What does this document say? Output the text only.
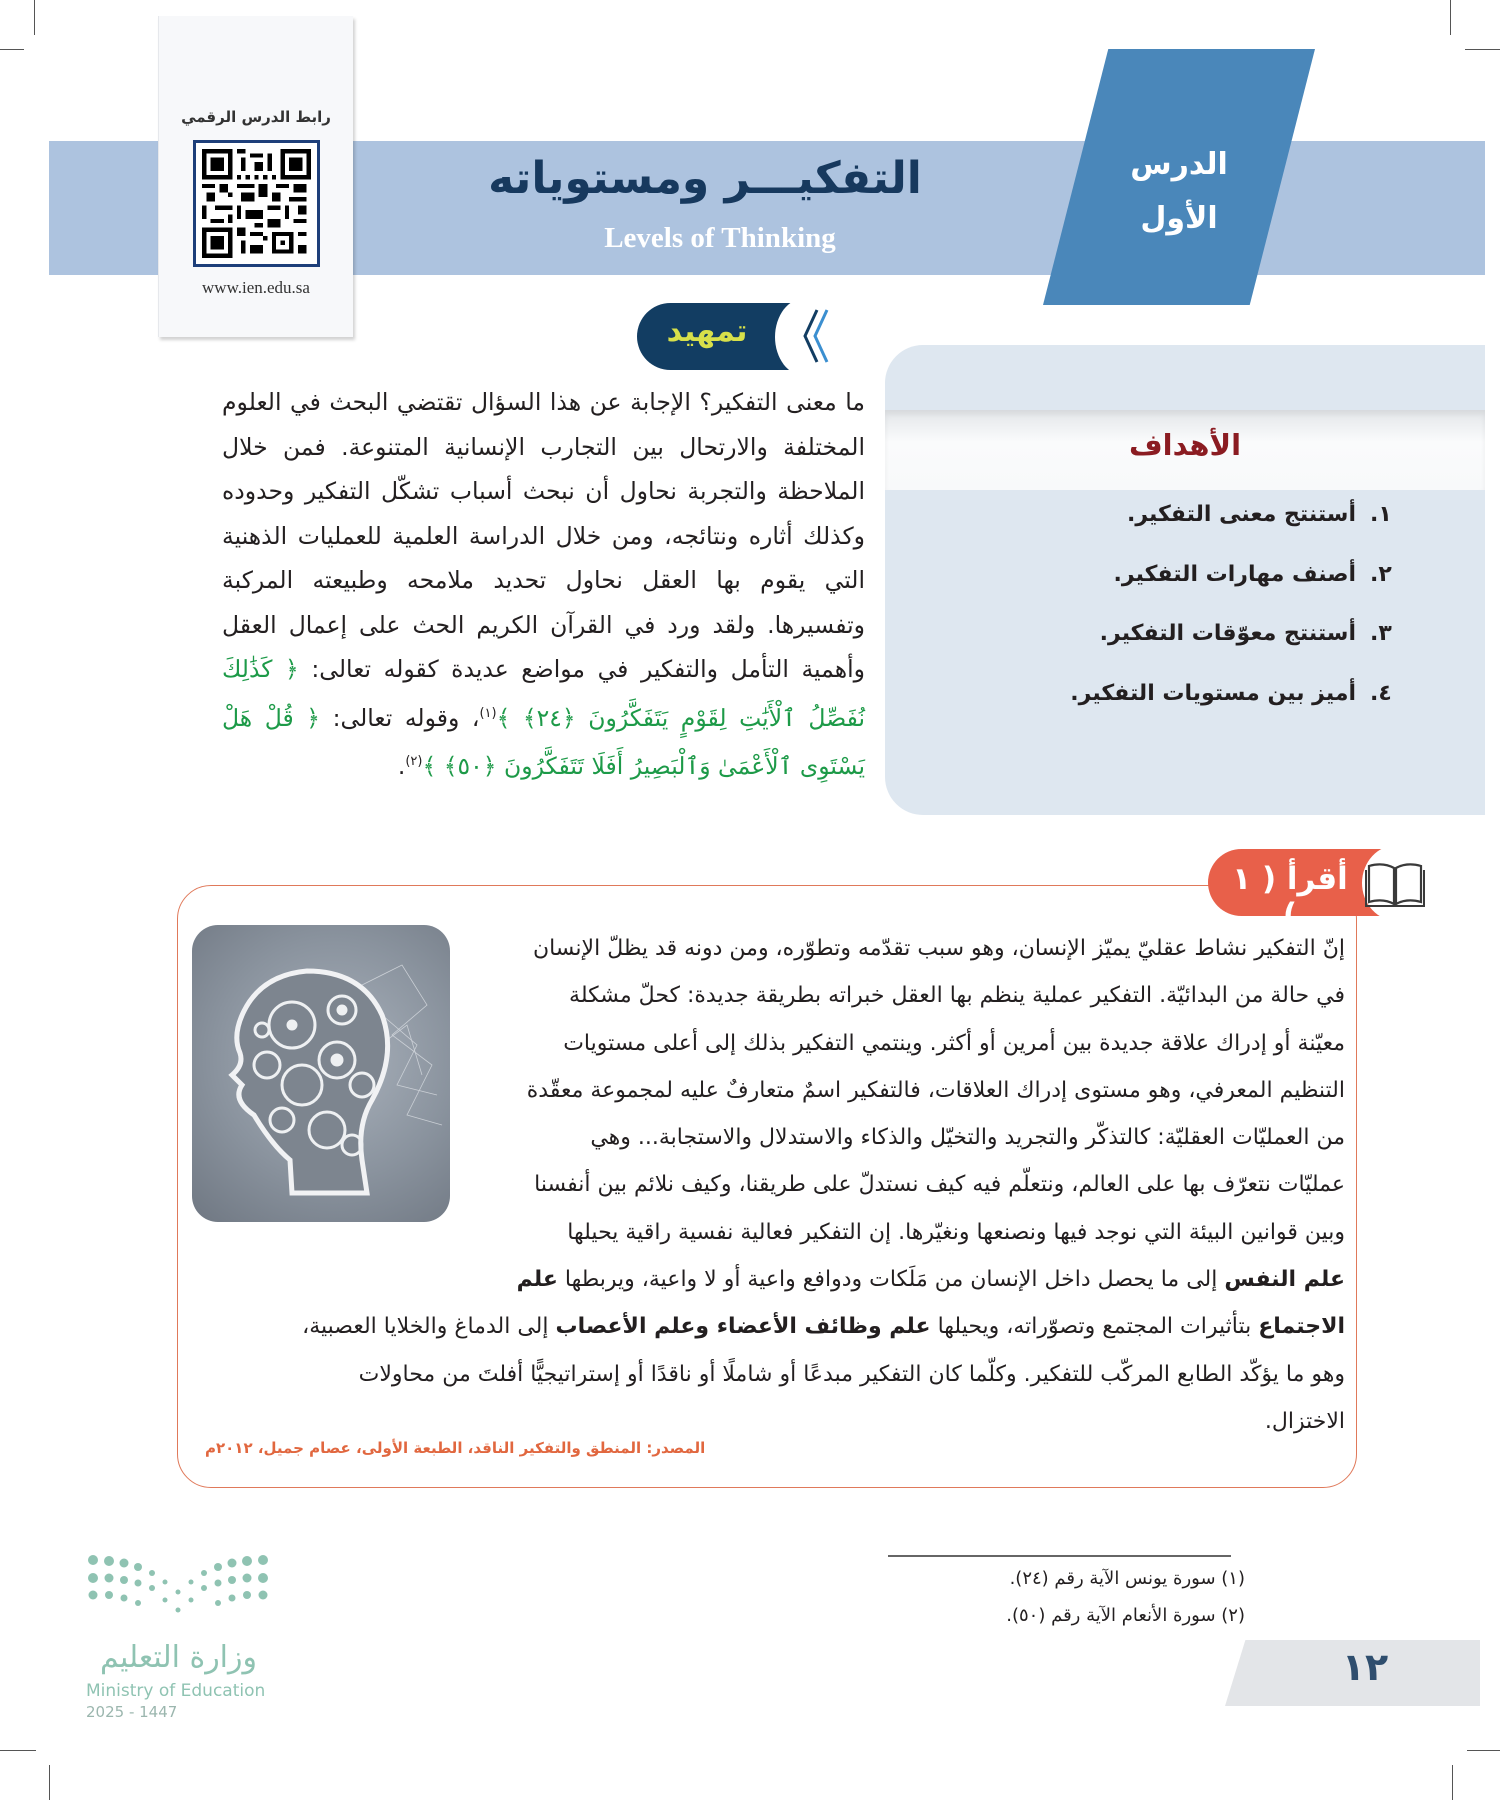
رابط الدرس الرقمي
www.ien.edu.sa
التفكيـــر ومستوياته
Levels of Thinking
الدرس
الأول
تمهيد
ما معنى التفكير؟ الإجابة عن هذا السؤال تقتضي البحث في العلوم المختلفة والارتحال بين التجارب الإنسانية المتنوعة. فمن خلال الملاحظة والتجربة نحاول أن نبحث أسباب تشكّل التفكير وحدوده وكذلك أثاره ونتائجه، ومن خلال الدراسة العلمية للعمليات الذهنية التي يقوم بها العقل نحاول تحديد ملامحه وطبيعته المركبة وتفسيرها. ولقد ورد في القرآن الكريم الحث على إعمال العقل وأهمية التأمل والتفكير في مواضع عديدة كقوله تعالى: ﴿ كَذَٰلِكَ نُفَصِّلُ ٱلْأَيَٰتِ لِقَوْمٍ يَتَفَكَّرُونَ ﴿٢٤﴾ ﴾$^{(١)}$، وقوله تعالى: ﴿ قُلْ هَلْ يَسْتَوِى ٱلْأَعْمَىٰ وَٱلْبَصِيرُ أَفَلَا تَتَفَكَّرُونَ ﴿٥٠﴾ ﴾$^{(٢)}$.
الأهداف
١.أستنتج معنى التفكير.
٢.أصنف مهارات التفكير.
٣.أستنتج معوّقات التفكير.
٤.أميز بين مستويات التفكير.
أقرأ ( ١ )
إنّ التفكير نشاط عقليّ يميّز الإنسان، وهو سبب تقدّمه وتطوّره، ومن دونه قد يظلّ الإنسان
في حالة من البدائيّة. التفكير عملية ينظم بها العقل خبراته بطريقة جديدة: كحلّ مشكلة
معيّنة أو إدراك علاقة جديدة بين أمرين أو أكثر. وينتمي التفكير بذلك إلى أعلى مستويات
التنظيم المعرفي، وهو مستوى إدراك العلاقات، فالتفكير اسمٌ متعارفٌ عليه لمجموعة معقّدة
من العمليّات العقليّة: كالتذكّر والتجريد والتخيّل والذكاء والاستدلال والاستجابة... وهي
عمليّات نتعرّف بها على العالم، ونتعلّم فيه كيف نستدلّ على طريقنا، وكيف نلائم بين أنفسنا
وبين قوانين البيئة التي نوجد فيها ونصنعها ونغيّرها. إن التفكير فعالية نفسية راقية يحيلها
علم النفس إلى ما يحصل داخل الإنسان من مَلَكات ودوافع واعية أو لا واعية، ويربطها علم
الاجتماع بتأثيرات المجتمع وتصوّراته، ويحيلها علم وظائف الأعضاء وعلم الأعصاب إلى الدماغ والخلايا العصبية،
وهو ما يؤكّد الطابع المركّب للتفكير. وكلّما كان التفكير مبدعًا أو شاملًا أو ناقدًا أو إستراتيجيًّا أفلتَ من محاولات
الاختزال.
المصدر: المنطق والتفكير الناقد، الطبعة الأولى، عصام جميل، ٢٠١٢م
(١) سورة يونس الآية رقم (٢٤).
(٢) سورة الأنعام الآية رقم (٥٠).
١٢
وزارة التعليم
Ministry of Education
2025 - 1447
